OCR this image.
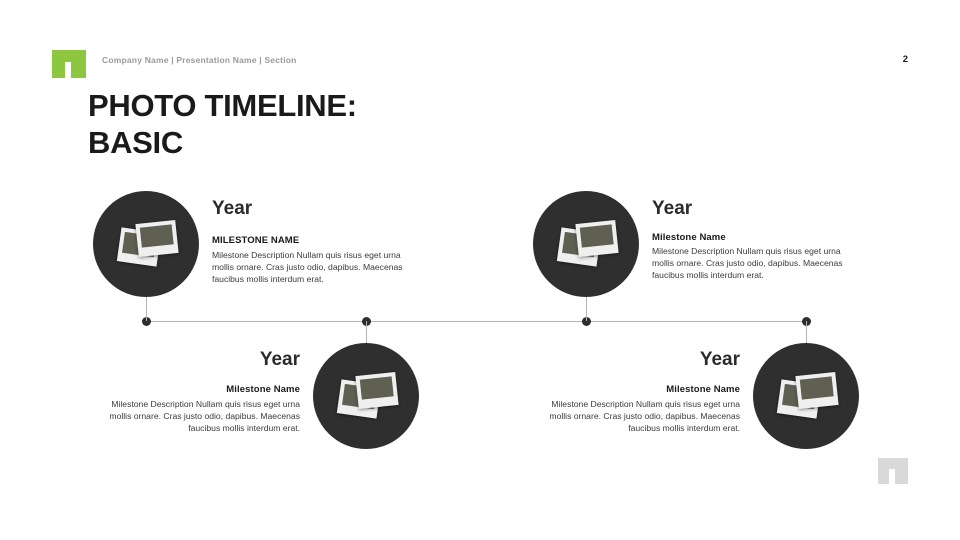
Company Name | Presentation Name | Section	2
PHOTO TIMELINE:
BASIC
Year
MILESTONE NAME
Milestone Description Nullam quis risus eget urna mollis ornare. Cras justo odio, dapibus. Maecenas faucibus mollis interdum erat.
Year
Milestone Name
Milestone Description Nullam quis risus eget urna mollis ornare. Cras justo odio, dapibus. Maecenas faucibus mollis interdum erat.
Year
Milestone Name
Milestone Description Nullam quis risus eget urna mollis ornare. Cras justo odio, dapibus. Maecenas faucibus mollis interdum erat.
Year
Milestone Name
Milestone Description Nullam quis risus eget urna mollis ornare. Cras justo odio, dapibus. Maecenas faucibus mollis interdum erat.
